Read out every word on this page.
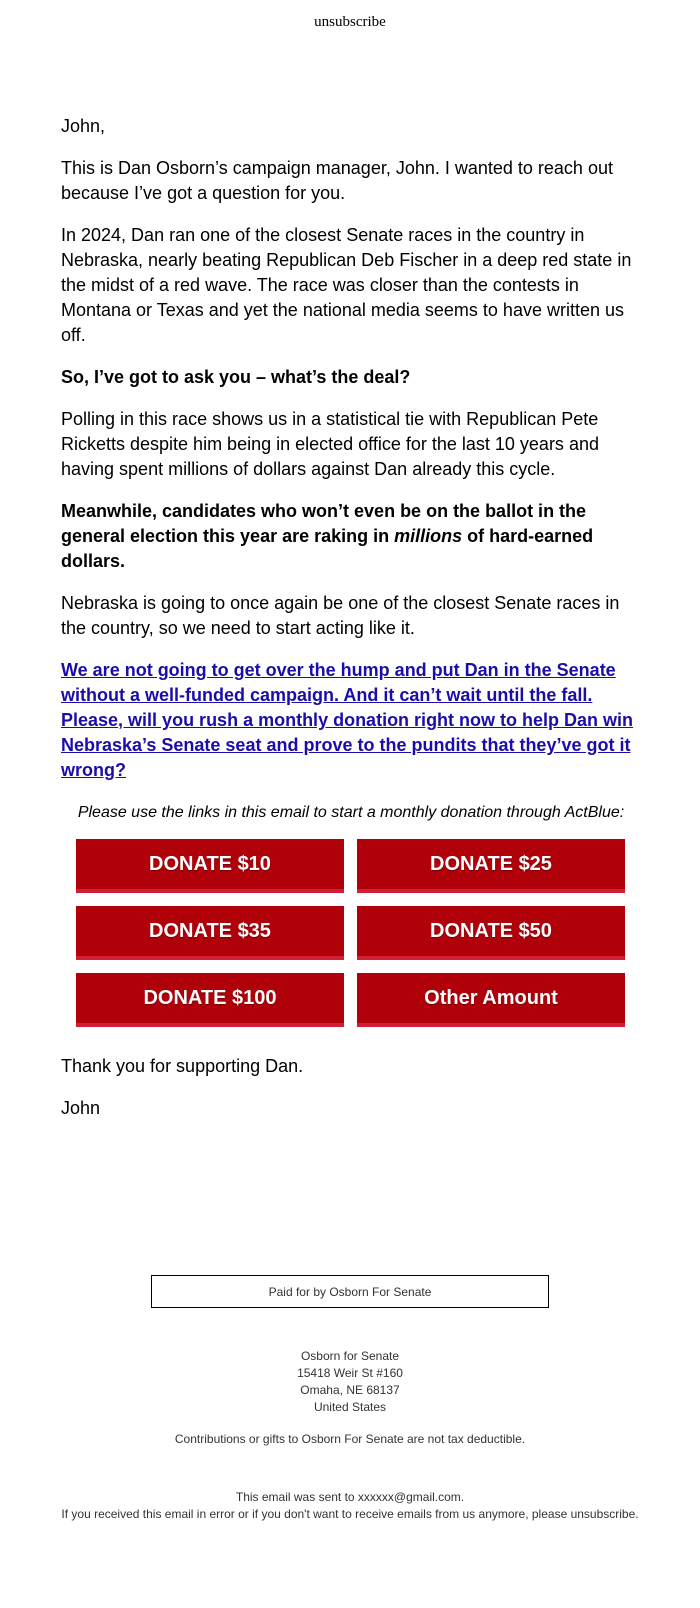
unsubscribe

John,

This is Dan Osborn’s campaign manager, John. I wanted to reach out because I’ve got a question for you.

In 2024, Dan ran one of the closest Senate races in the country in Nebraska, nearly beating Republican Deb Fischer in a deep red state in the midst of a red wave. The race was closer than the contests in Montana or Texas and yet the national media seems to have written us off.

So, I’ve got to ask you – what’s the deal?

Polling in this race shows us in a statistical tie with Republican Pete Ricketts despite him being in elected office for the last 10 years and having spent millions of dollars against Dan already this cycle.

Meanwhile, candidates who won’t even be on the ballot in the general election this year are raking in millions of hard-earned dollars.

Nebraska is going to once again be one of the closest Senate races in the country, so we need to start acting like it.

We are not going to get over the hump and put Dan in the Senate without a well-funded campaign. And it can’t wait until the fall. Please, will you rush a monthly donation right now to help Dan win Nebraska’s Senate seat and prove to the pundits that they’ve got it wrong?

Please use the links in this email to start a monthly donation through ActBlue:

DONATE $10	DONATE $25
DONATE $35	DONATE $50
DONATE $100	Other Amount

Thank you for supporting Dan.

John

Paid for by Osborn For Senate
Osborn for Senate
15418 Weir St #160
Omaha, NE 68137
United States
Contributions or gifts to Osborn For Senate are not tax deductible.
This email was sent to xxxxxx@gmail.com.
If you received this email in error or if you don't want to receive emails from us anymore, please unsubscribe.
